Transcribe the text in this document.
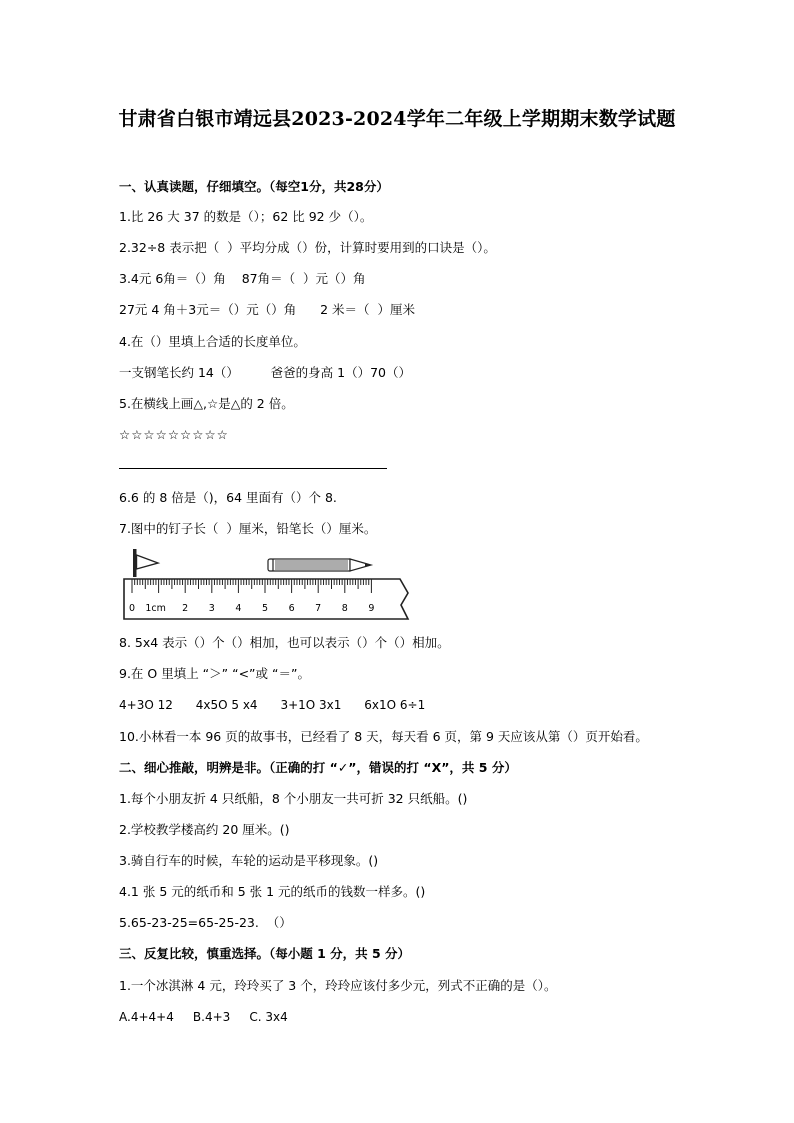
甘肃省白银市靖远县2023-2024学年二年级上学期期末数学试题
一、认真读题，仔细填空。（每空1分，共28分）
1.比 26 大 37 的数是（）；62 比 92 少（）。
2.32÷8 表示把（  ）平均分成（）份，计算时要用到的口诀是（）。
3.4元 6角＝（）角    87角＝（  ）元（）角
27元 4 角＋3元＝（）元（）角      2 米＝（  ）厘米
4.在（）里填上合适的长度单位。
一支钢笔长约 14（）        爸爸的身高 1（）70（）
5.在横线上画△,☆是△的 2 倍。
☆☆☆☆☆☆☆☆☆
6.6 的 8 倍是（)，64 里面有（）个 8.
7.图中的钉子长（  ）厘米，铅笔长（）厘米。
0 1cm 2 3 4 5 6 7 8 9
8. 5x4 表示（）个（）相加，也可以表示（）个（）相加。
9.在 O 里填上 “＞” “<”或 “＝”。
4+3O 12      4x5O 5 x4      3+1O 3x1      6x1O 6÷1
10.小林看一本 96 页的故事书，已经看了 8 天，每天看 6 页，第 9 天应该从第（）页开始看。
二、细心推敲，明辨是非。（正确的打 “✓”，错误的打 “X”，共 5 分）
1.每个小朋友折 4 只纸船，8 个小朋友一共可折 32 只纸船。()
2.学校教学楼高约 20 厘米。()
3.骑自行车的时候，车轮的运动是平移现象。()
4.1 张 5 元的纸币和 5 张 1 元的纸币的钱数一样多。()
5.65-23-25=65-25-23.  （）
三、反复比较，慎重选择。（每小题 1 分，共 5 分）
1.一个冰淇淋 4 元，玲玲买了 3 个，玲玲应该付多少元，列式不正确的是（）。
A.4+4+4     B.4+3     C. 3x4
